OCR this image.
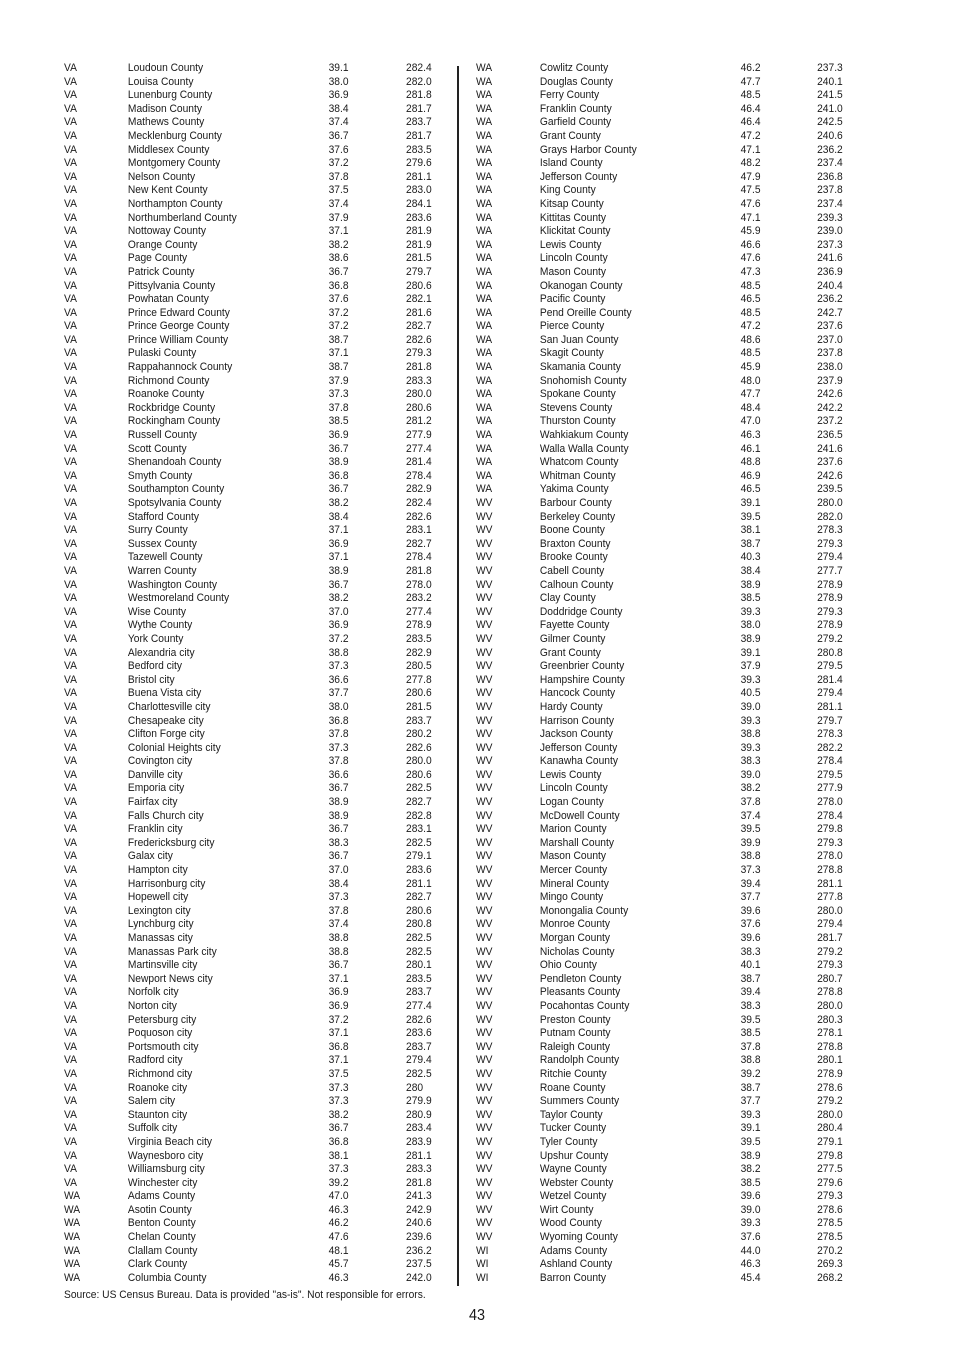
VA	Loudoun County	39.1	282.4
VA	Louisa County	38.0	282.0
VA	Lunenburg County	36.9	281.8
VA	Madison County	38.4	281.7
VA	Mathews County	37.4	283.7
VA	Mecklenburg County	36.7	281.7
VA	Middlesex County	37.6	283.5
VA	Montgomery County	37.2	279.6
VA	Nelson County	37.8	281.1
VA	New Kent County	37.5	283.0
VA	Northampton County	37.4	284.1
VA	Northumberland County	37.9	283.6
VA	Nottoway County	37.1	281.9
VA	Orange County	38.2	281.9
VA	Page County	38.6	281.5
VA	Patrick County	36.7	279.7
VA	Pittsylvania County	36.8	280.6
VA	Powhatan County	37.6	282.1
VA	Prince Edward County	37.2	281.6
VA	Prince George County	37.2	282.7
VA	Prince William County	38.7	282.6
VA	Pulaski County	37.1	279.3
VA	Rappahannock County	38.7	281.8
VA	Richmond County	37.9	283.3
VA	Roanoke County	37.3	280.0
VA	Rockbridge County	37.8	280.6
VA	Rockingham County	38.5	281.2
VA	Russell County	36.9	277.9
VA	Scott County	36.7	277.4
VA	Shenandoah County	38.9	281.4
VA	Smyth County	36.8	278.4
VA	Southampton County	36.7	282.9
VA	Spotsylvania County	38.2	282.4
VA	Stafford County	38.4	282.6
VA	Surry County	37.1	283.1
VA	Sussex County	36.9	282.7
VA	Tazewell County	37.1	278.4
VA	Warren County	38.9	281.8
VA	Washington County	36.7	278.0
VA	Westmoreland County	38.2	283.2
VA	Wise County	37.0	277.4
VA	Wythe County	36.9	278.9
VA	York County	37.2	283.5
VA	Alexandria city	38.8	282.9
VA	Bedford city	37.3	280.5
VA	Bristol city	36.6	277.8
VA	Buena Vista city	37.7	280.6
VA	Charlottesville city	38.0	281.5
VA	Chesapeake city	36.8	283.7
VA	Clifton Forge city	37.8	280.2
VA	Colonial Heights city	37.3	282.6
VA	Covington city	37.8	280.0
VA	Danville city	36.6	280.6
VA	Emporia city	36.7	282.5
VA	Fairfax city	38.9	282.7
VA	Falls Church city	38.9	282.8
VA	Franklin city	36.7	283.1
VA	Fredericksburg city	38.3	282.5
VA	Galax city	36.7	279.1
VA	Hampton city	37.0	283.6
VA	Harrisonburg city	38.4	281.1
VA	Hopewell city	37.3	282.7
VA	Lexington city	37.8	280.6
VA	Lynchburg city	37.4	280.8
VA	Manassas city	38.8	282.5
VA	Manassas Park city	38.8	282.5
VA	Martinsville city	36.7	280.1
VA	Newport News city	37.1	283.5
VA	Norfolk city	36.9	283.7
VA	Norton city	36.9	277.4
VA	Petersburg city	37.2	282.6
VA	Poquoson city	37.1	283.6
VA	Portsmouth city	36.8	283.7
VA	Radford city	37.1	279.4
VA	Richmond city	37.5	282.5
VA	Roanoke city	37.3	280
VA	Salem city	37.3	279.9
VA	Staunton city	38.2	280.9
VA	Suffolk city	36.7	283.4
VA	Virginia Beach city	36.8	283.9
VA	Waynesboro city	38.1	281.1
VA	Williamsburg city	37.3	283.3
VA	Winchester city	39.2	281.8
WA	Adams County	47.0	241.3
WA	Asotin County	46.3	242.9
WA	Benton County	46.2	240.6
WA	Chelan County	47.6	239.6
WA	Clallam County	48.1	236.2
WA	Clark County	45.7	237.5
WA	Columbia County	46.3	242.0
WA	Cowlitz County	46.2	237.3
WA	Douglas County	47.7	240.1
WA	Ferry County	48.5	241.5
WA	Franklin County	46.4	241.0
WA	Garfield County	46.4	242.5
WA	Grant County	47.2	240.6
WA	Grays Harbor County	47.1	236.2
WA	Island County	48.2	237.4
WA	Jefferson County	47.9	236.8
WA	King County	47.5	237.8
WA	Kitsap County	47.6	237.4
WA	Kittitas County	47.1	239.3
WA	Klickitat County	45.9	239.0
WA	Lewis County	46.6	237.3
WA	Lincoln County	47.6	241.6
WA	Mason County	47.3	236.9
WA	Okanogan County	48.5	240.4
WA	Pacific County	46.5	236.2
WA	Pend Oreille County	48.5	242.7
WA	Pierce County	47.2	237.6
WA	San Juan County	48.6	237.0
WA	Skagit County	48.5	237.8
WA	Skamania County	45.9	238.0
WA	Snohomish County	48.0	237.9
WA	Spokane County	47.7	242.6
WA	Stevens County	48.4	242.2
WA	Thurston County	47.0	237.2
WA	Wahkiakum County	46.3	236.5
WA	Walla Walla County	46.1	241.6
WA	Whatcom County	48.8	237.6
WA	Whitman County	46.9	242.6
WA	Yakima County	46.5	239.5
WV	Barbour County	39.1	280.0
WV	Berkeley County	39.5	282.0
WV	Boone County	38.1	278.3
WV	Braxton County	38.7	279.3
WV	Brooke County	40.3	279.4
WV	Cabell County	38.4	277.7
WV	Calhoun County	38.9	278.9
WV	Clay County	38.5	278.9
WV	Doddridge County	39.3	279.3
WV	Fayette County	38.0	278.9
WV	Gilmer County	38.9	279.2
WV	Grant County	39.1	280.8
WV	Greenbrier County	37.9	279.5
WV	Hampshire County	39.3	281.4
WV	Hancock County	40.5	279.4
WV	Hardy County	39.0	281.1
WV	Harrison County	39.3	279.7
WV	Jackson County	38.8	278.3
WV	Jefferson County	39.3	282.2
WV	Kanawha County	38.3	278.4
WV	Lewis County	39.0	279.5
WV	Lincoln County	38.2	277.9
WV	Logan County	37.8	278.0
WV	McDowell County	37.4	278.4
WV	Marion County	39.5	279.8
WV	Marshall County	39.9	279.3
WV	Mason County	38.8	278.0
WV	Mercer County	37.3	278.8
WV	Mineral County	39.4	281.1
WV	Mingo County	37.7	277.8
WV	Monongalia County	39.6	280.0
WV	Monroe County	37.6	279.4
WV	Morgan County	39.6	281.7
WV	Nicholas County	38.3	279.2
WV	Ohio County	40.1	279.3
WV	Pendleton County	38.7	280.7
WV	Pleasants County	39.4	278.8
WV	Pocahontas County	38.3	280.0
WV	Preston County	39.5	280.3
WV	Putnam County	38.5	278.1
WV	Raleigh County	37.8	278.8
WV	Randolph County	38.8	280.1
WV	Ritchie County	39.2	278.9
WV	Roane County	38.7	278.6
WV	Summers County	37.7	279.2
WV	Taylor County	39.3	280.0
WV	Tucker County	39.1	280.4
WV	Tyler County	39.5	279.1
WV	Upshur County	38.9	279.8
WV	Wayne County	38.2	277.5
WV	Webster County	38.5	279.6
WV	Wetzel County	39.6	279.3
WV	Wirt County	39.0	278.6
WV	Wood County	39.3	278.5
WV	Wyoming County	37.6	278.5
WI	Adams County	44.0	270.2
WI	Ashland County	46.3	269.3
WI	Barron County	45.4	268.2
Source: US Census Bureau. Data is provided "as-is". Not responsible for errors.
43
